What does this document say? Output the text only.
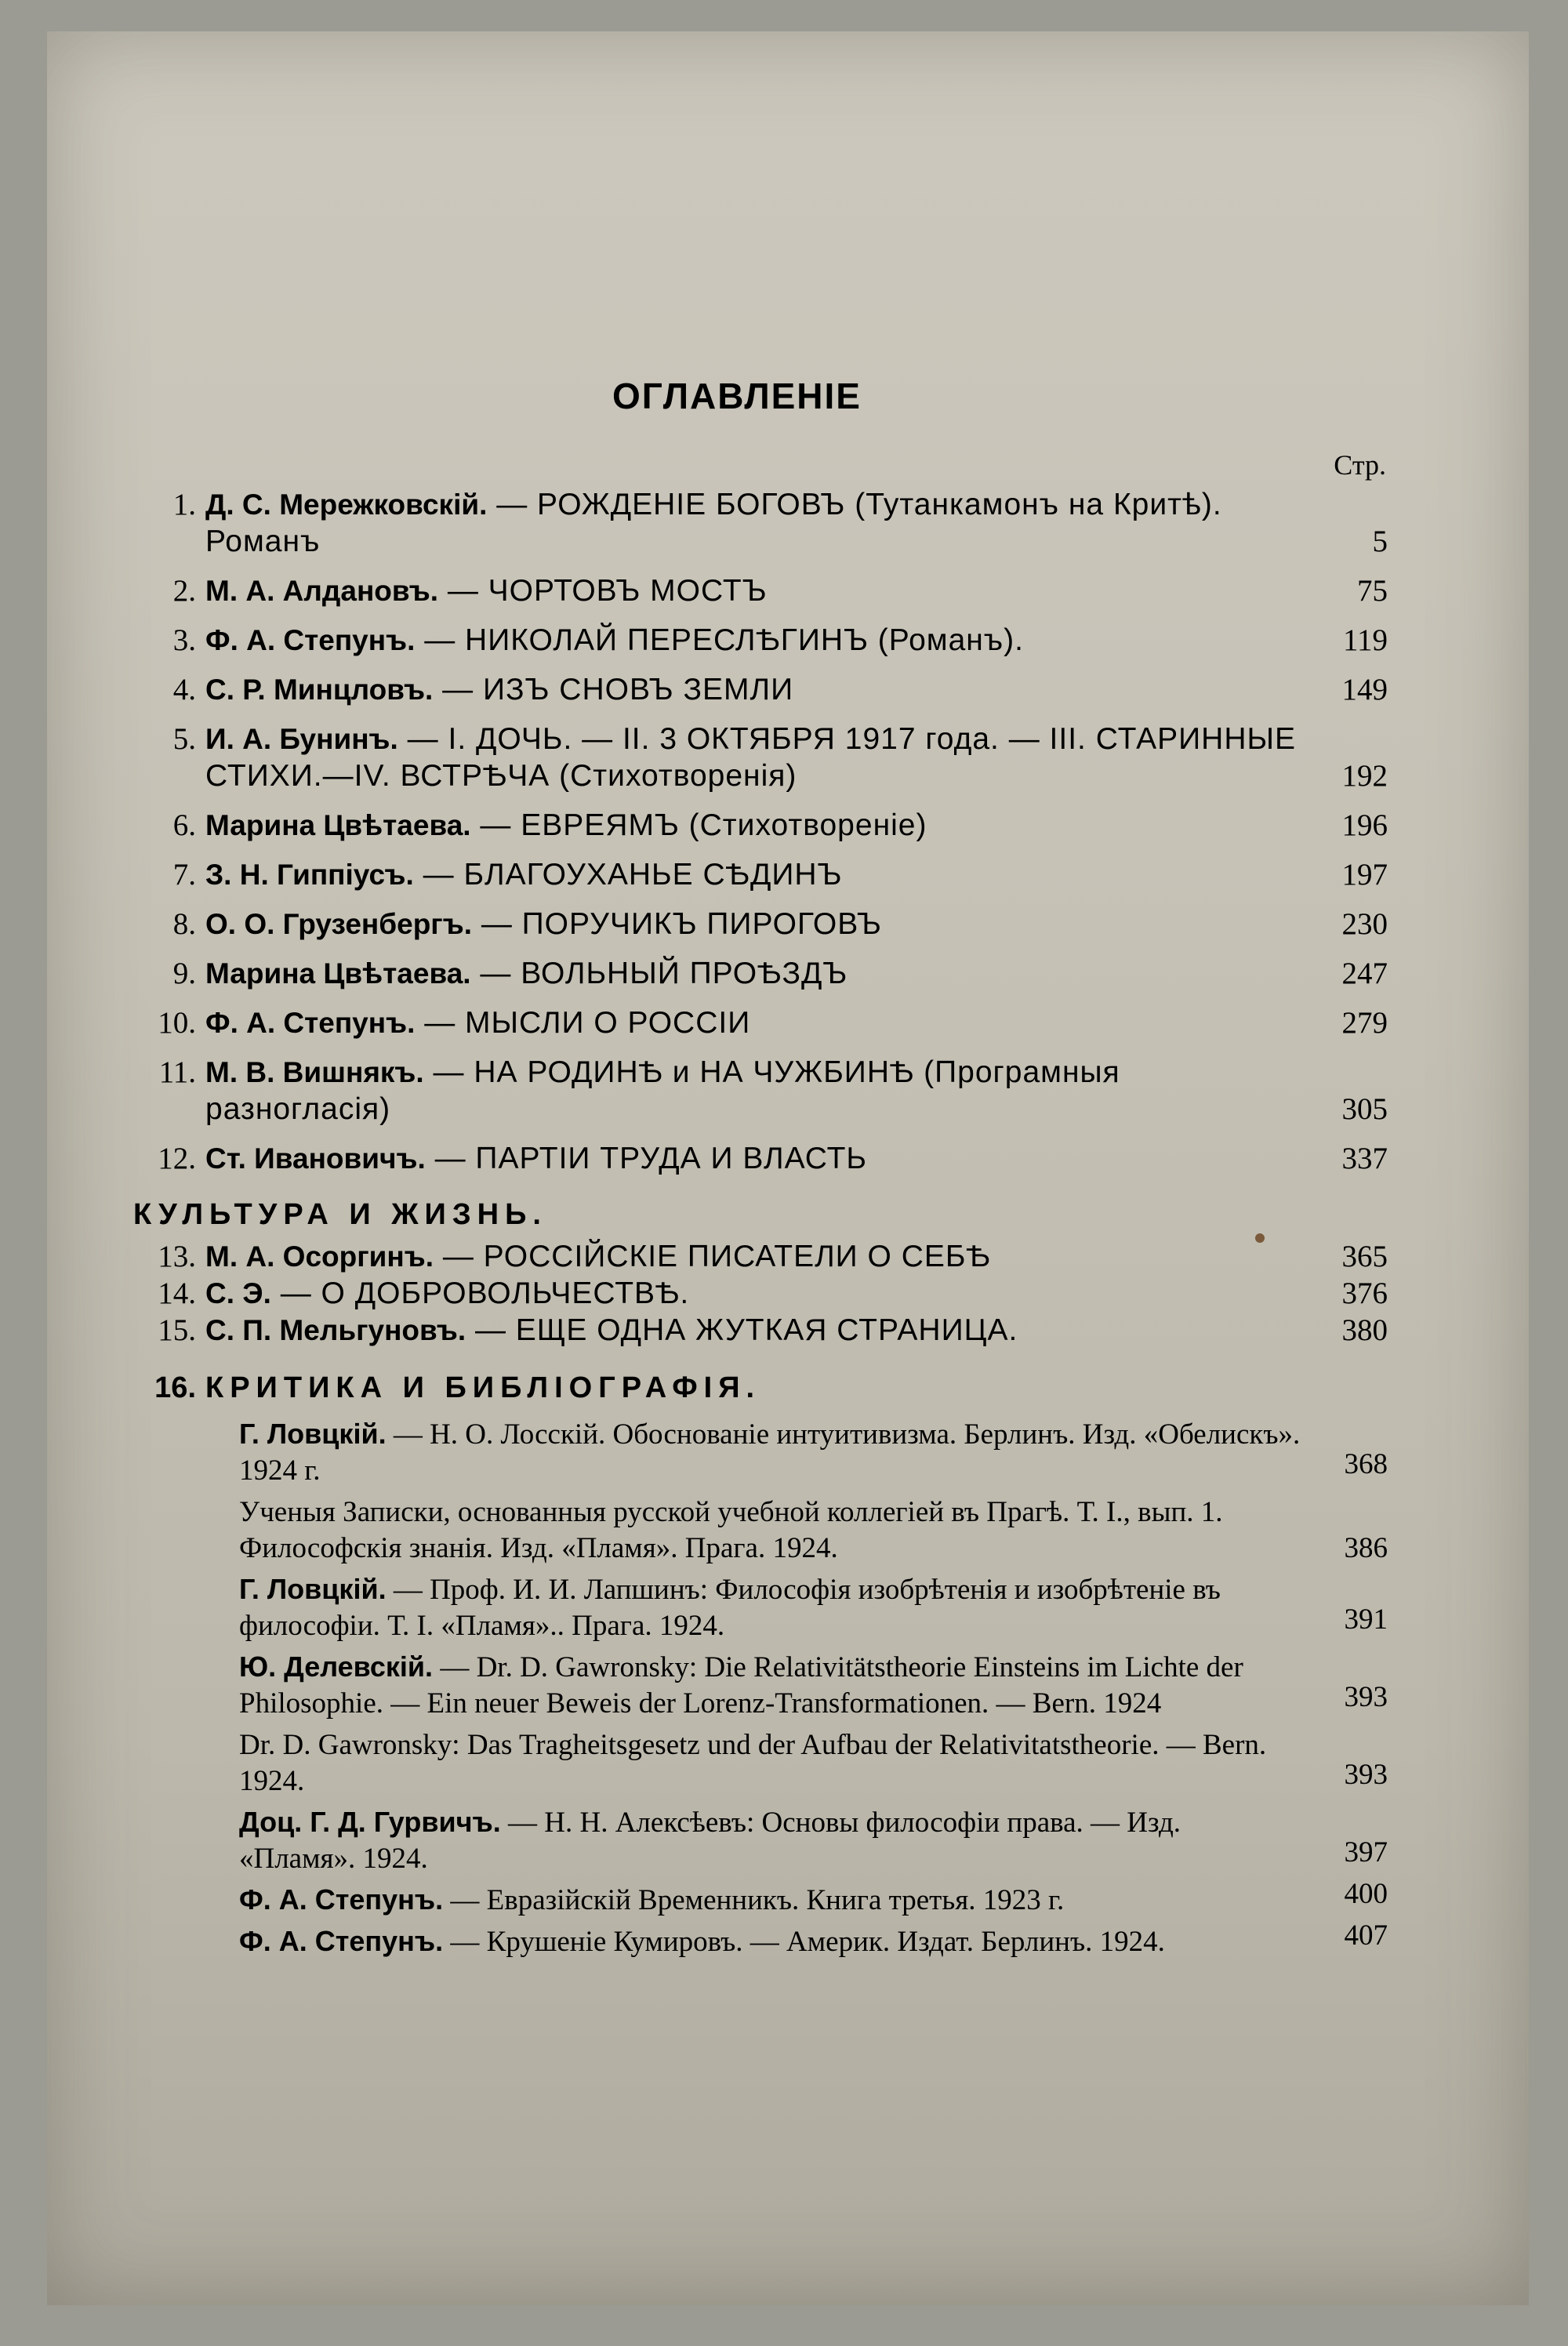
ОГЛАВЛЕНІЕ
Стр.
1. Д. С. Мережковскій. — РОЖДЕНІЕ БОГОВЪ (Тутанкамонъ на Критѣ). Романъ	5
2. М. А. Алдановъ. — ЧОРТОВЪ МОСТЪ	75
3. Ф. А. Степунъ. — НИКОЛАЙ ПЕРЕСЛѢГИНЪ (Романъ).	119
4. С. Р. Минцловъ. — ИЗЪ СНОВЪ ЗЕМЛИ	149
5. И. А. Бунинъ. — I. ДОЧЬ. — II. 3 ОКТЯБРЯ 1917 года. — III. СТАРИННЫЕ СТИХИ.—IV. ВСТРѢЧА (Стихотворенія)	192
6. Марина Цвѣтаева. — ЕВРЕЯМЪ (Стихотвореніе)	196
7. З. Н. Гиппіусъ. — БЛАГОУХАНЬЕ СѢДИНЪ	197
8. О. О. Грузенбергъ. — ПОРУЧИКЪ ПИРОГОВЪ	230
9. Марина Цвѣтаева. — ВОЛЬНЫЙ ПРОѢЗДЪ	247
10. Ф. А. Степунъ. — МЫСЛИ О РОССІИ	279
11. М. В. Вишнякъ. — НА РОДИНѢ и НА ЧУЖБИНѢ (Програмныя разногласія)	305
12. Ст. Ивановичъ. — ПАРТІИ ТРУДА И ВЛАСТЬ	337
КУЛЬТУРА И ЖИЗНЬ.
13. М. А. Осоргинъ. — РОССІЙСКІЕ ПИСАТЕЛИ О СЕБѢ	365
14. С. Э. — О ДОБРОВОЛЬЧЕСТВѢ.	376
15. С. П. Мельгуновъ. — ЕЩЕ ОДНА ЖУТКАЯ СТРАНИЦА.	380
16. КРИТИКА И БИБЛІОГРАФІЯ.
Г. Ловцкій. — Н. О. Лосскій. Обоснованіе интуитивизма. Берлинъ. Изд. «Обелискъ». 1924 г.	368
Ученыя Записки, основанныя русской учебной коллегіей въ Прагѣ. Т. I., вып. 1. Философскія знанія. Изд. «Пламя». Прага. 1924.	386
Г. Ловцкій. — Проф. И. И. Лапшинъ: Философія изобрѣтенія и изобрѣтеніе въ философіи. Т. I. «Пламя».. Прага. 1924.	391
Ю. Делевскій. — Dr. D. Gawronsky: Die Relativitätstheorie Einsteins im Lichte der Philosophie. — Ein neuer Beweis der Lorenz-Transformationen. — Bern. 1924	393
Dr. D. Gawronsky: Das Tragheitsgesetz und der Aufbau der Relativitatstheorie. — Bern. 1924.	393
Доц. Г. Д. Гурвичъ. — Н. Н. Алексѣевъ: Основы философіи права. — Изд. «Пламя». 1924.	397
Ф. А. Степунъ. — Евразійскій Временникъ. Книга третья. 1923 г.	400
Ф. А. Степунъ. — Крушеніе Кумировъ. — Америк. Издат. Берлинъ. 1924.	407
